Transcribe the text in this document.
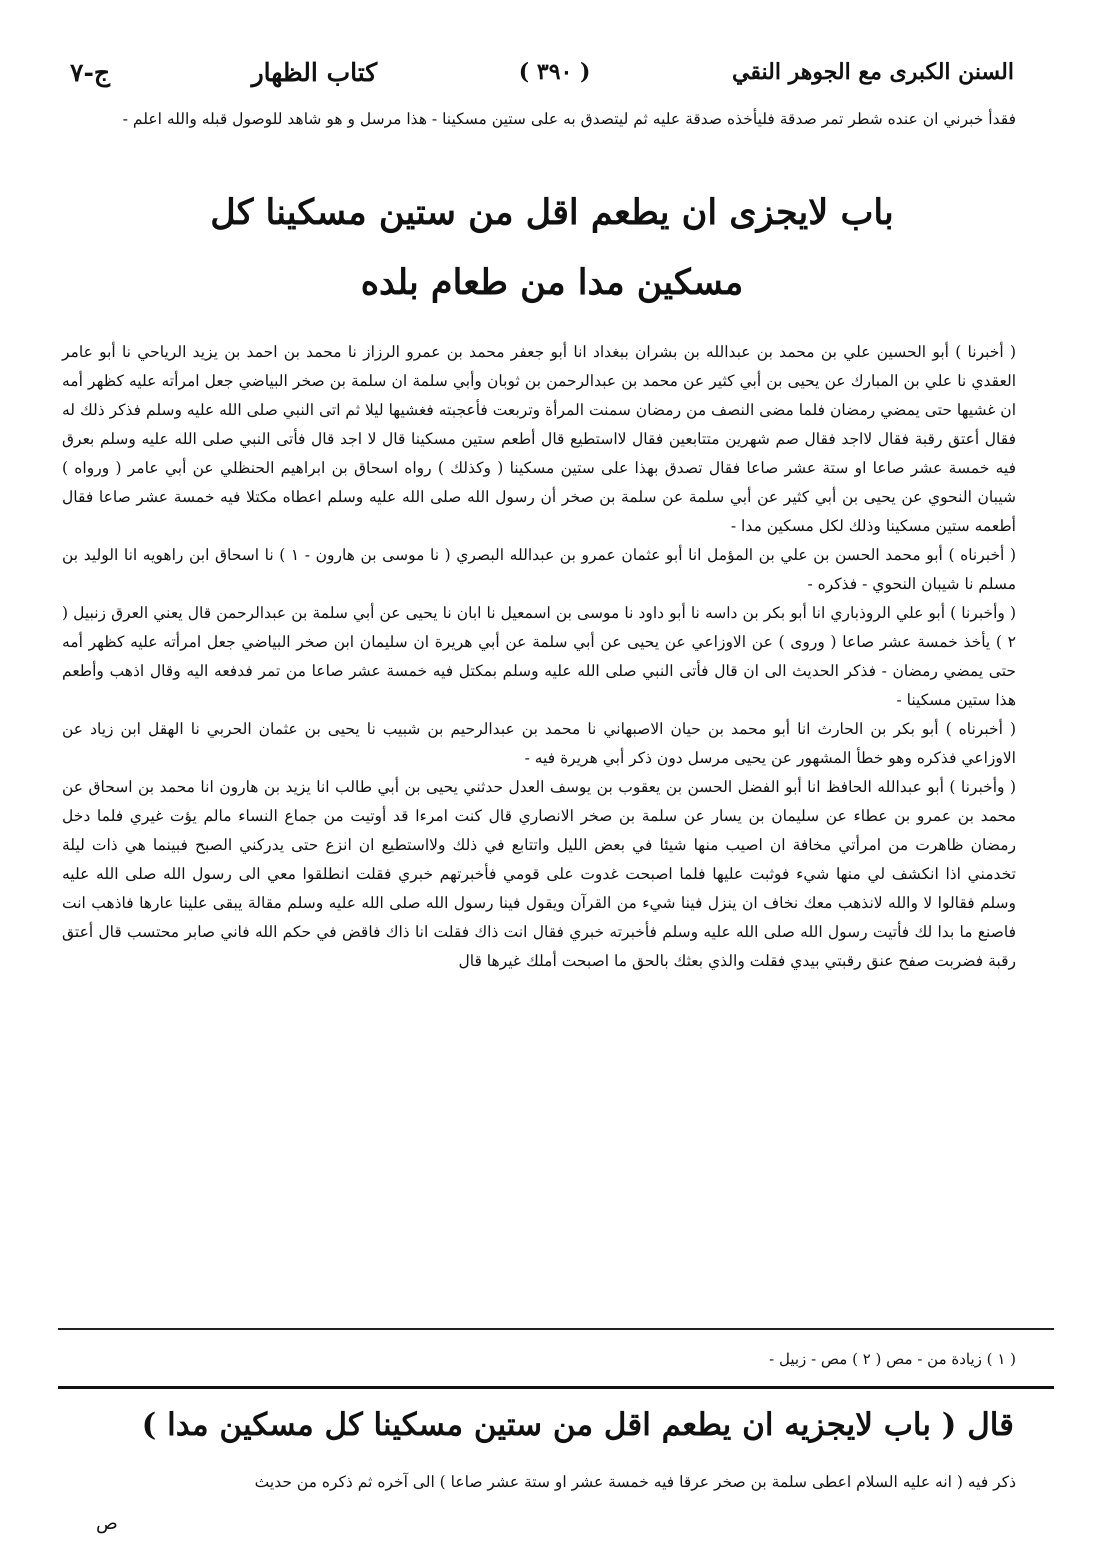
السنن الكبرى مع الجوهر النقي
( ٣٩٠ )
كتاب الظهار
ج-٧

فقدأ خبرني ان عنده شطر تمر صدقة فليأخذه صدقة عليه ثم ليتصدق به على ستين مسكينا - هذا مرسل و هو شاهد للوصول قبله والله اعلم -

باب لايجزى ان يطعم اقل من ستين مسكينا كل
مسكين مدا من طعام بلده

( أخبرنا ) أبو الحسين علي بن محمد بن عبدالله بن بشران ببغداد انا أبو جعفر محمد بن عمرو الرزاز نا محمد بن احمد بن يزيد الرياحي نا أبو عامر العقدي نا علي بن المبارك عن يحيى بن أبي كثير عن محمد بن عبدالرحمن بن ثوبان وأبي سلمة ان سلمة بن صخر البياضي جعل امرأته عليه كظهر أمه ان غشيها حتى يمضي رمضان فلما مضى النصف من رمضان سمنت المرأة وتربعت فأعجبته فغشيها ليلا ثم اتى النبي صلى الله عليه وسلم فذكر ذلك له فقال أعتق رقبة فقال لااجد فقال صم شهرين متتابعين فقال لااستطيع قال أطعم ستين مسكينا قال لا اجد قال فأتى النبي صلى الله عليه وسلم بعرق فيه خمسة عشر صاعا او ستة عشر صاعا فقال تصدق بهذا على ستين مسكينا ( وكذلك ) رواه اسحاق بن ابراهيم الحنظلي عن أبي عامر ( ورواه ) شيبان النحوي عن يحيى بن أبي كثير عن أبي سلمة عن سلمة بن صخر أن رسول الله صلى الله عليه وسلم اعطاه مكتلا فيه خمسة عشر صاعا فقال أطعمه ستين مسكينا وذلك لكل مسكين مدا -

( أخبرناه ) أبو محمد الحسن بن علي بن المؤمل انا أبو عثمان عمرو بن عبدالله البصري ( نا موسى بن هارون - ١ ) نا اسحاق ابن راهويه انا الوليد بن مسلم نا شيبان النحوي - فذكره -

( وأخبرنا ) أبو علي الروذباري انا أبو بكر بن داسه نا أبو داود نا موسى بن اسمعيل نا ابان نا يحيى عن أبي سلمة بن عبدالرحمن قال يعني العرق زنبيل ( ٢ ) يأخذ خمسة عشر صاعا ( وروى ) عن الاوزاعي عن يحيى عن أبي سلمة عن أبي هريرة ان سليمان ابن صخر البياضي جعل امرأته عليه كظهر أمه حتى يمضي رمضان - فذكر الحديث الى ان قال فأتى النبي صلى الله عليه وسلم بمكتل فيه خمسة عشر صاعا من تمر فدفعه اليه وقال اذهب وأطعم هذا ستين مسكينا -

( أخبرناه ) أبو بكر بن الحارث انا أبو محمد بن حيان الاصبهاني نا محمد بن عبدالرحيم بن شبيب نا يحيى بن عثمان الحربي نا الهقل ابن زياد عن الاوزاعي فذكره وهو خطأ المشهور عن يحيى مرسل دون ذكر أبي هريرة فيه -

( وأخبرنا ) أبو عبدالله الحافظ انا أبو الفضل الحسن بن يعقوب بن يوسف العدل حدثني يحيى بن أبي طالب انا يزيد بن هارون انا محمد بن اسحاق عن محمد بن عمرو بن عطاء عن سليمان بن يسار عن سلمة بن صخر الانصاري قال كنت امرءا قد أوتيت من جماع النساء مالم يؤت غيري فلما دخل رمضان ظاهرت من امرأتي مخافة ان اصيب منها شيئا في بعض الليل واتتابع في ذلك ولااستطيع ان انزع حتى يدركني الصبح فبينما هي ذات ليلة تخدمني اذا انكشف لي منها شيء فوثبت عليها فلما اصبحت غدوت على قومي فأخبرتهم خبري فقلت انطلقوا معي الى رسول الله صلى الله عليه وسلم فقالوا لا والله لانذهب معك نخاف ان ينزل فينا شيء من القرآن ويقول فينا رسول الله صلى الله عليه وسلم مقالة يبقى علينا عارها فاذهب انت فاصنع ما بدا لك فأتيت رسول الله صلى الله عليه وسلم فأخبرته خبري فقال انت ذاك فقلت انا ذاك فاقض في حكم الله فاني صابر محتسب قال أعتق رقبة فضربت صفح عنق رقبتي بيدي فقلت والذي بعثك بالحق ما اصبحت أملك غيرها قال

( ١ ) زيادة من - مص ( ٢ ) مص - زبيل -
قال ( باب لايجزيه ان يطعم اقل من ستين مسكينا كل مسكين مدا )
ذكر فيه ( انه عليه السلام اعطى سلمة بن صخر عرقا فيه خمسة عشر او ستة عشر صاعا ) الى آخره ثم ذكره من حديث
ص
